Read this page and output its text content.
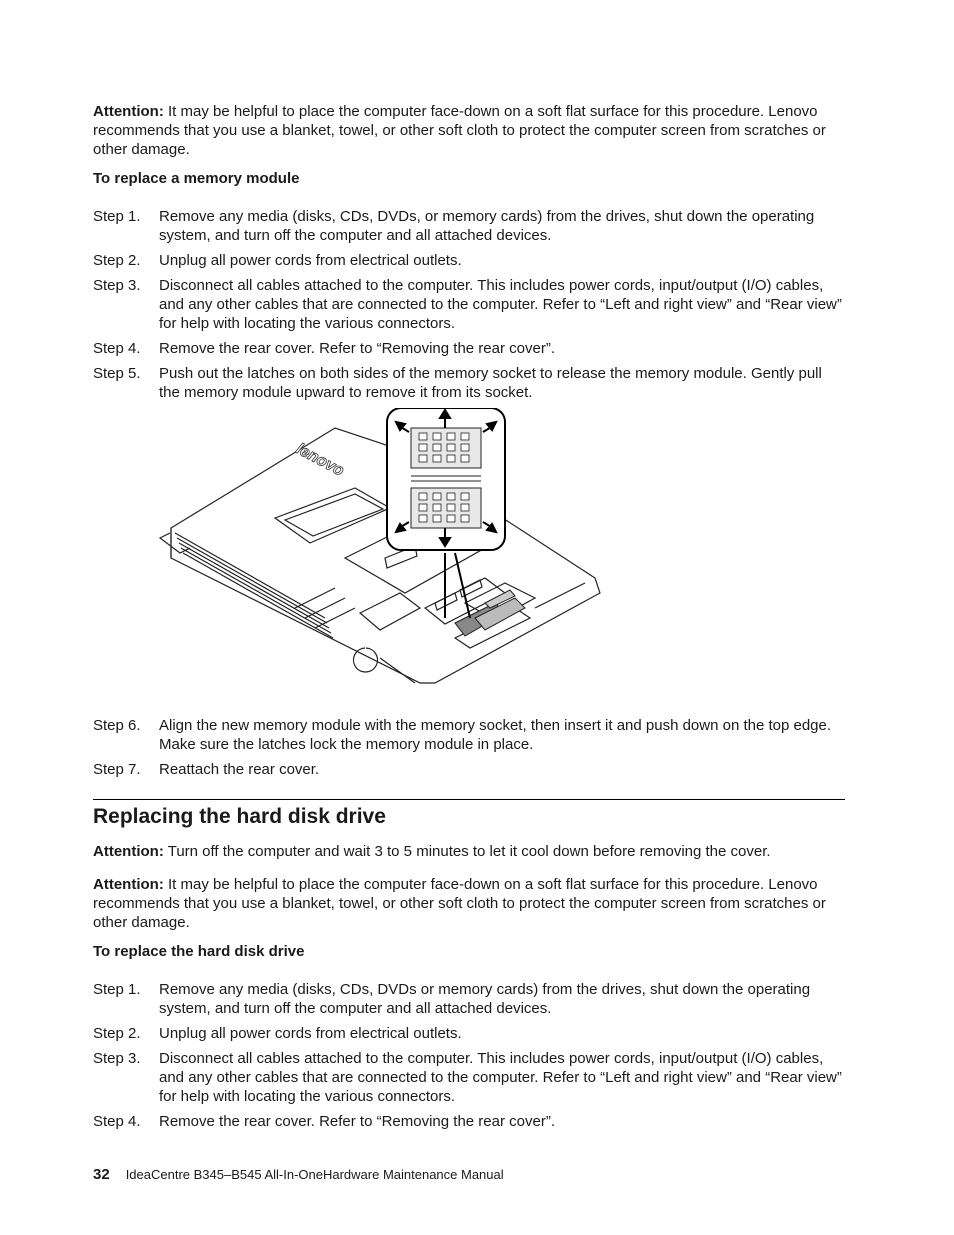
Attention: It may be helpful to place the computer face-down on a soft flat surface for this procedure. Lenovo recommends that you use a blanket, towel, or other soft cloth to protect the computer screen from scratches or other damage.

To replace a memory module

Step 1.	Remove any media (disks, CDs, DVDs, or memory cards) from the drives, shut down the operating system, and turn off the computer and all attached devices.
Step 2.	Unplug all power cords from electrical outlets.
Step 3.	Disconnect all cables attached to the computer. This includes power cords, input/output (I/O) cables, and any other cables that are connected to the computer. Refer to “Left and right view” and “Rear view” for help with locating the various connectors.
Step 4.	Remove the rear cover. Refer to “Removing the rear cover”.
Step 5.	Push out the latches on both sides of the memory socket to release the memory module. Gently pull the memory module upward to remove it from its socket.
lenovo
Step 6.	Align the new memory module with the memory socket, then insert it and push down on the top edge. Make sure the latches lock the memory module in place.
Step 7.	Reattach the rear cover.
Replacing the hard disk drive

Attention: Turn off the computer and wait 3 to 5 minutes to let it cool down before removing the cover.

Attention: It may be helpful to place the computer face-down on a soft flat surface for this procedure. Lenovo recommends that you use a blanket, towel, or other soft cloth to protect the computer screen from scratches or other damage.

To replace the hard disk drive

Step 1.	Remove any media (disks, CDs, DVDs or memory cards) from the drives, shut down the operating system, and turn off the computer and all attached devices.
Step 2.	Unplug all power cords from electrical outlets.
Step 3.	Disconnect all cables attached to the computer. This includes power cords, input/output (I/O) cables, and any other cables that are connected to the computer. Refer to “Left and right view” and “Rear view” for help with locating the various connectors.
Step 4.	Remove the rear cover. Refer to “Removing the rear cover”.
32 IdeaCentre B345–B545 All-In-OneHardware Maintenance Manual
